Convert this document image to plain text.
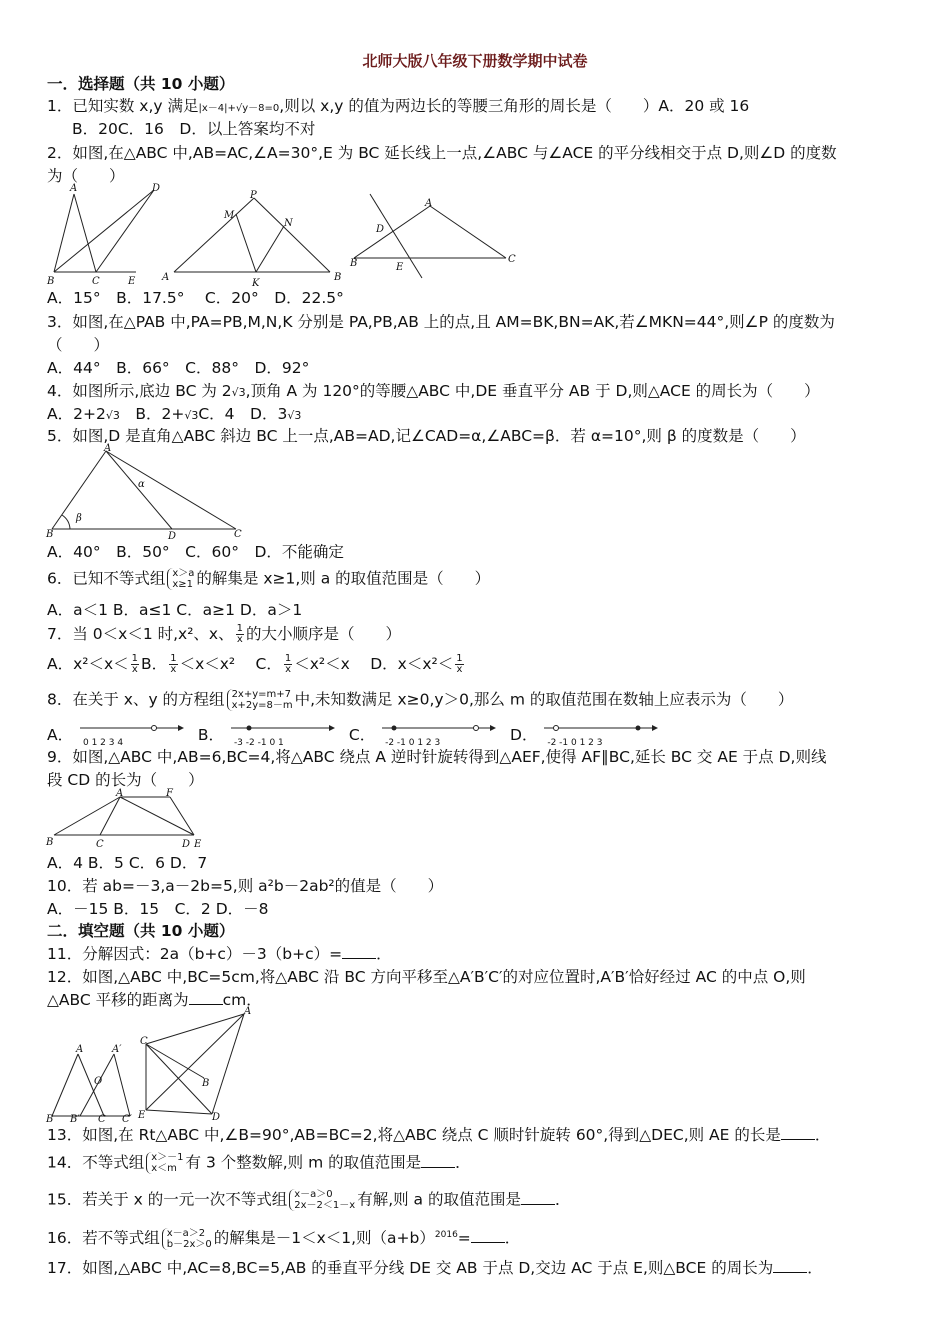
北师大版八年级下册数学期中试卷
一．选择题（共 10 小题）
1．已知实数 x,y 满足|x－4|+√y－8=0,则以 x,y 的值为两边长的等腰三角形的周长是（　　）A．20 或 16
B．20C．16　D．以上答案均不对
2．如图,在△ABC 中,AB=AC,∠A=30°,E 为 BC 延长线上一点,∠ABC 与∠ACE 的平分线相交于点 D,则∠D 的度数
为（　　）
A	D
B	C	E
P
M
N
A
K
B
A
D
E
B	C
A．15°　B．17.5°　 C．20°　D．22.5°
3．如图,在△PAB 中,PA=PB,M,N,K 分别是 PA,PB,AB 上的点,且 AM=BK,BN=AK,若∠MKN=44°,则∠P 的度数为
（　　）
A．44°　B．66°　C．88°　D．92°
4．如图所示,底边 BC 为 2√3,顶角 A 为 120°的等腰△ABC 中,DE 垂直平分 AB 于 D,则△ACE 的周长为（　　）
A．2+2√3　B．2+√3C．4　D．3√3
5．如图,D 是直角△ABC 斜边 BC 上一点,AB=AD,记∠CAD=α,∠ABC=β．若 α=10°,则 β 的度数是（　　）
A
α
β
B	D	C
A．40°　B．50°　C．60°　D．不能确定
6．已知不等式组 x＞a
x≥1 的解集是 x≥1,则 a 的取值范围是（　　）
A．a＜1 B．a≤1 C．a≥1 D．a＞1
7．当 0＜x＜1 时,x²、x、 $\frac{1}{x}$ 的大小顺序是（　　）
A．$x^2<x< \frac{1}{x}$ B． $\frac{1}{x} <x<x^2$　 C． $\frac{1}{x} <x^2<x$　 D．$x<x^2< \frac{1}{x}$
8．在关于 x、y 的方程组 2x+y=m+7
x+2y=8－m 中,未知数满足 x≥0,y＞0,那么 m 的取值范围在数轴上应表示为（　　）
A． 0 1 2 3 4	B． -3 -2 -1 0 1	C． -2 -1 0 1 2 3	D． -2 -1 0 1 2 3
9．如图,△ABC 中,AB=6,BC=4,将△ABC 绕点 A 逆时针旋转得到△AEF,使得 AF∥BC,延长 BC 交 AE 于点 D,则线
段 CD 的长为（　　）
A	F
B	C	D E
A．4 B．5 C．6 D．7
10．若 ab=－3,a－2b=5,则 a²b－2ab²的值是（　　）
A．－15 B．15　C．2 D．－8
二．填空题（共 10 小题）
11．分解因式：2a（b+c）－3（b+c）= ．
12．如图,△ABC 中,BC=5cm,将△ABC 沿 BC 方向平移至△A′B′C′的对应位置时,A′B′恰好经过 AC 的中点 O,则
△ABC 平移的距离为 cm．
A	A′
O
B B′ C C′
A
C
B
E	D
13．如图,在 Rt△ABC 中,∠B=90°,AB=BC=2,将△ABC 绕点 C 顺时针旋转 60°,得到△DEC,则 AE 的长是 ．
14．不等式组 x＞－1
x＜m 有 3 个整数解,则 m 的取值范围是 ．
15．若关于 x 的一元一次不等式组 x－a＞0
2x－2＜1－x 有解,则 a 的取值范围是 ．
16．若不等式组 x－a＞2
b－2x＞0 的解集是－1＜x＜1,则$(a+b)^{2016}=$ ．
17．如图,△ABC 中,AC=8,BC=5,AB 的垂直平分线 DE 交 AB 于点 D,交边 AC 于点 E,则△BCE 的周长为 ．
